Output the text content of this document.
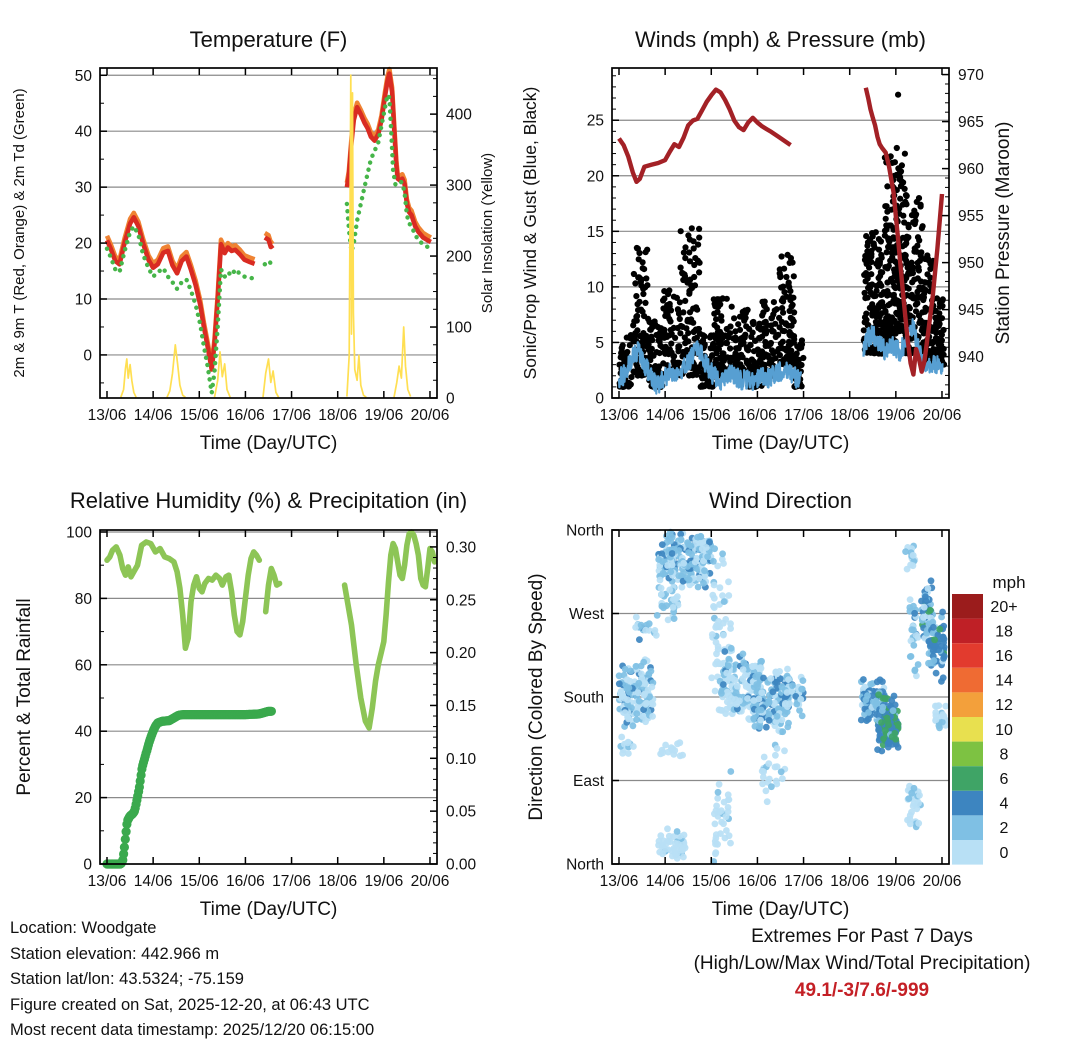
13/06 14/06 15/06 16/06 17/06 18/06 19/06 20/06
0
10
20
30
40
50
0
100
200
300
400
Temperature (F)
Time (Day/UTC)
2m & 9m T (Red, Orange) & 2m Td (Green)	Solar Insolation (Yellow)
13/06 14/06 15/06 16/06 17/06 18/06 19/06 20/06
0
5
10
15
20
25
940
945
950
955
960
965
970
Winds (mph) & Pressure (mb)
Time (Day/UTC)
Sonic/Prop Wind & Gust (Blue, Black)	Station Pressure (Maroon)
13/06 14/06 15/06 16/06 17/06 18/06 19/06 20/06
0
20
40
60
80
100
0.00
0.05
0.10
0.15
0.20
0.25
0.30
Relative Humidity (%) & Precipitation (in)
Time (Day/UTC)
Percent & Total Rainfall
13/06 14/06 15/06 16/06 17/06 18/06 19/06 20/06
North
East
South
West
North
Wind Direction
Time (Day/UTC)
Direction (Colored By Speed)	mph
20+
18
16
14
12
10
8
6
4
2
0
Location: Woodgate
Station elevation: 442.966 m
Station lat/lon: 43.5324; -75.159
Figure created on Sat, 2025-12-20, at 06:43 UTC
Most recent data timestamp: 2025/12/20 06:15:00
Extremes For Past 7 Days
(High/Low/Max Wind/Total Precipitation)
49.1/-3/7.6/-999
